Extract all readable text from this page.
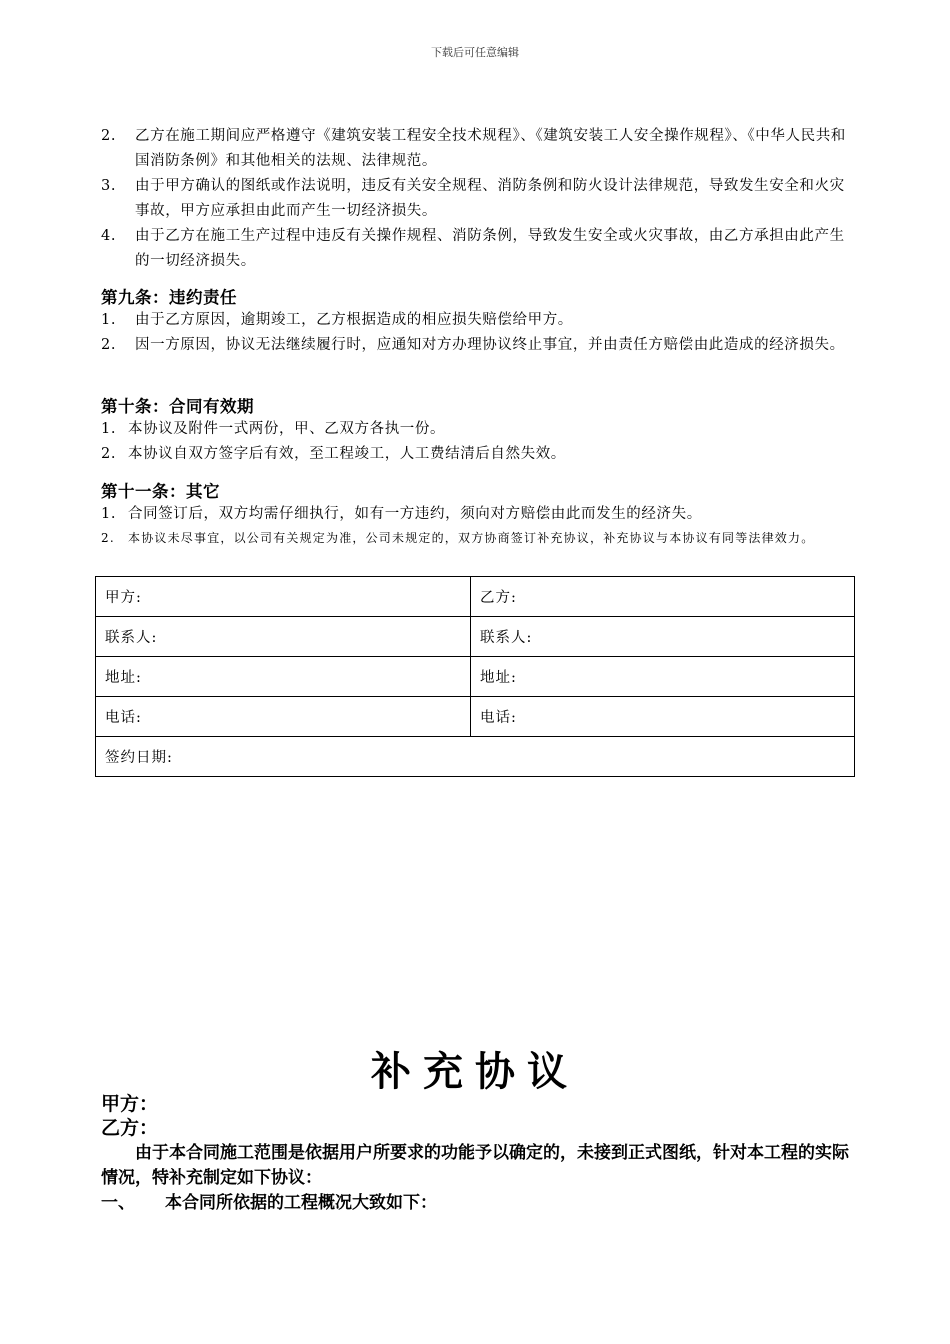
下载后可任意编辑
2.	乙方在施工期间应严格遵守《建筑安装工程安全技术规程》、《建筑安装工人安全操作规程》、《中华人民共和国消防条例》和其他相关的法规、法律规范。
3.	由于甲方确认的图纸或作法说明，违反有关安全规程、消防条例和防火设计法律规范，导致发生安全和火灾事故，甲方应承担由此而产生一切经济损失。
4.	由于乙方在施工生产过程中违反有关操作规程、消防条例，导致发生安全或火灾事故，由乙方承担由此产生的一切经济损失。
第九条：违约责任
1.	由于乙方原因，逾期竣工，乙方根据造成的相应损失赔偿给甲方。
2.	因一方原因，协议无法继续履行时，应通知对方办理协议终止事宜，并由责任方赔偿由此造成的经济损失。
第十条：合同有效期
1. 本协议及附件一式两份，甲、乙双方各执一份。
2. 本协议自双方签字后有效，至工程竣工，人工费结清后自然失效。
第十一条：其它
1. 合同签订后，双方均需仔细执行，如有一方违约，须向对方赔偿由此而发生的经济失。
2.	本协议未尽事宜，以公司有关规定为准，公司未规定的，双方协商签订补充协议，补充协议与本协议有同等法律效力。
甲方:	乙方:
联系人:	联系人:
地址:	地址:
电话:	电话:
签约日期:	
补充协议
甲方：
乙方：
由于本合同施工范围是依据用户所要求的功能予以确定的，未接到正式图纸，针对本工程的实际情况，特补充制定如下协议：
一、 本合同所依据的工程概况大致如下：
